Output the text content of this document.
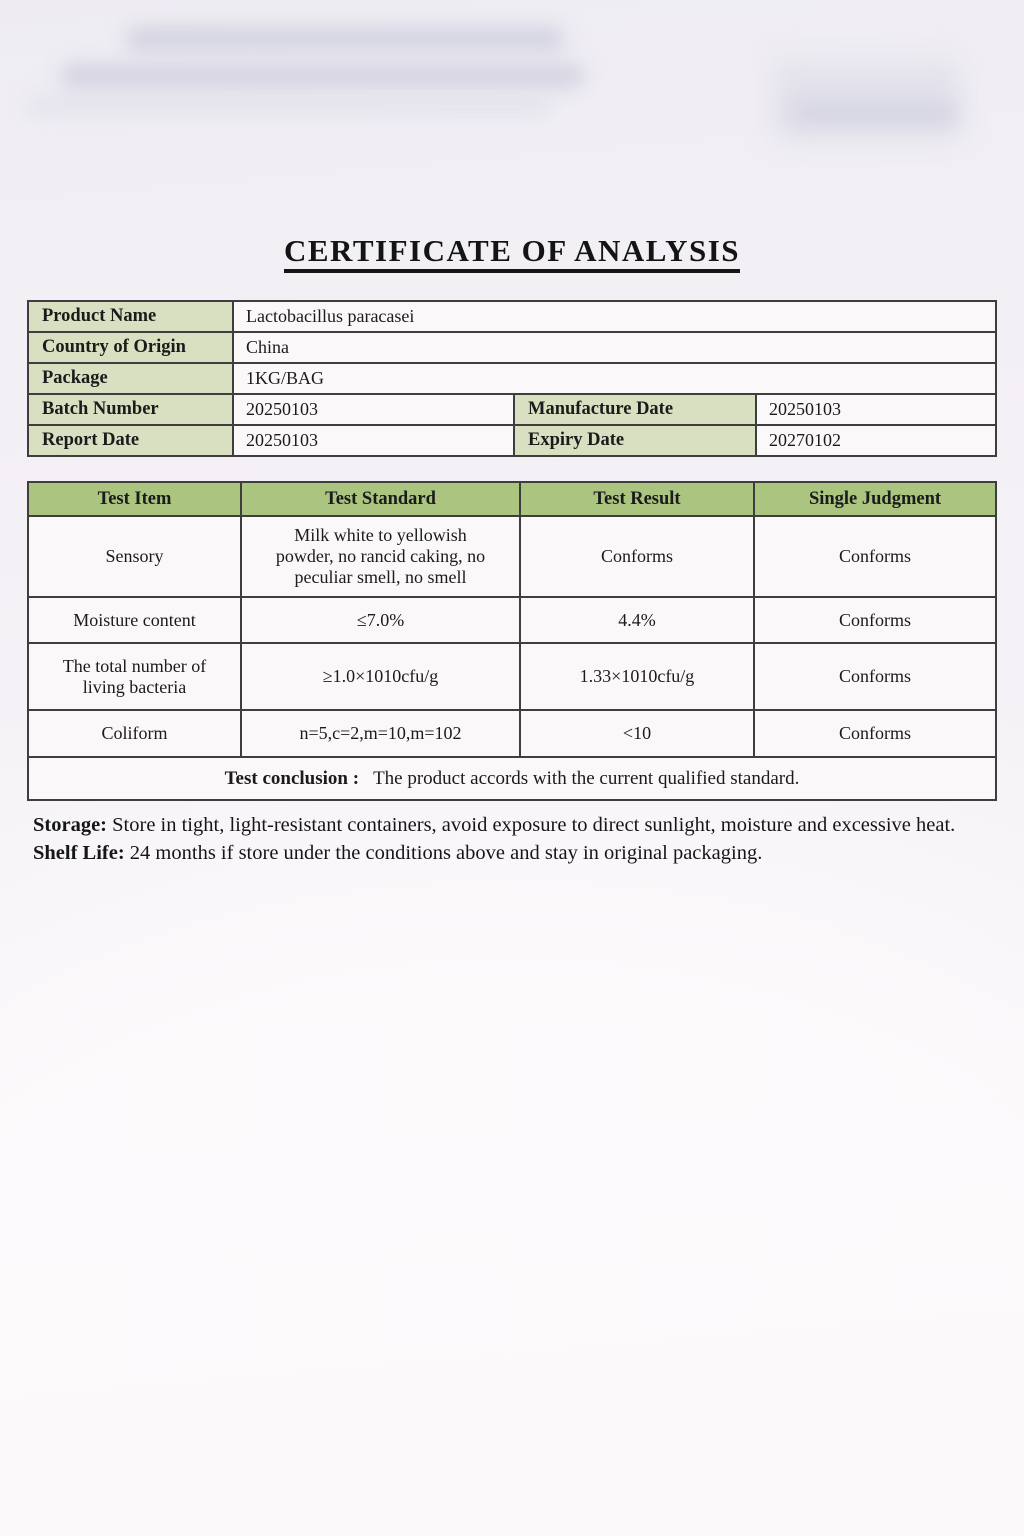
CERTIFICATE OF ANALYSIS
Product Name	Lactobacillus paracasei		
Country of Origin	China		
Package	1KG/BAG		
Batch Number	20250103	Manufacture Date	20250103
Report Date	20250103	Expiry Date	20270102
Test Item	Test Standard	Test Result	Single Judgment
Sensory	Milk white to yellowish powder, no rancid caking, no peculiar smell, no smell	Conforms	Conforms
Moisture content	≤7.0%	4.4%	Conforms
The total number of living bacteria	≥1.0×1010cfu/g	1.33×1010cfu/g	Conforms
Coliform	n=5,c=2,m=10,m=102	<10	Conforms
Test conclusion : The product accords with the current qualified standard.			

Storage: Store in tight, light-resistant containers, avoid exposure to direct sunlight, moisture and excessive heat.

Shelf Life: 24 months if store under the conditions above and stay in original packaging.
